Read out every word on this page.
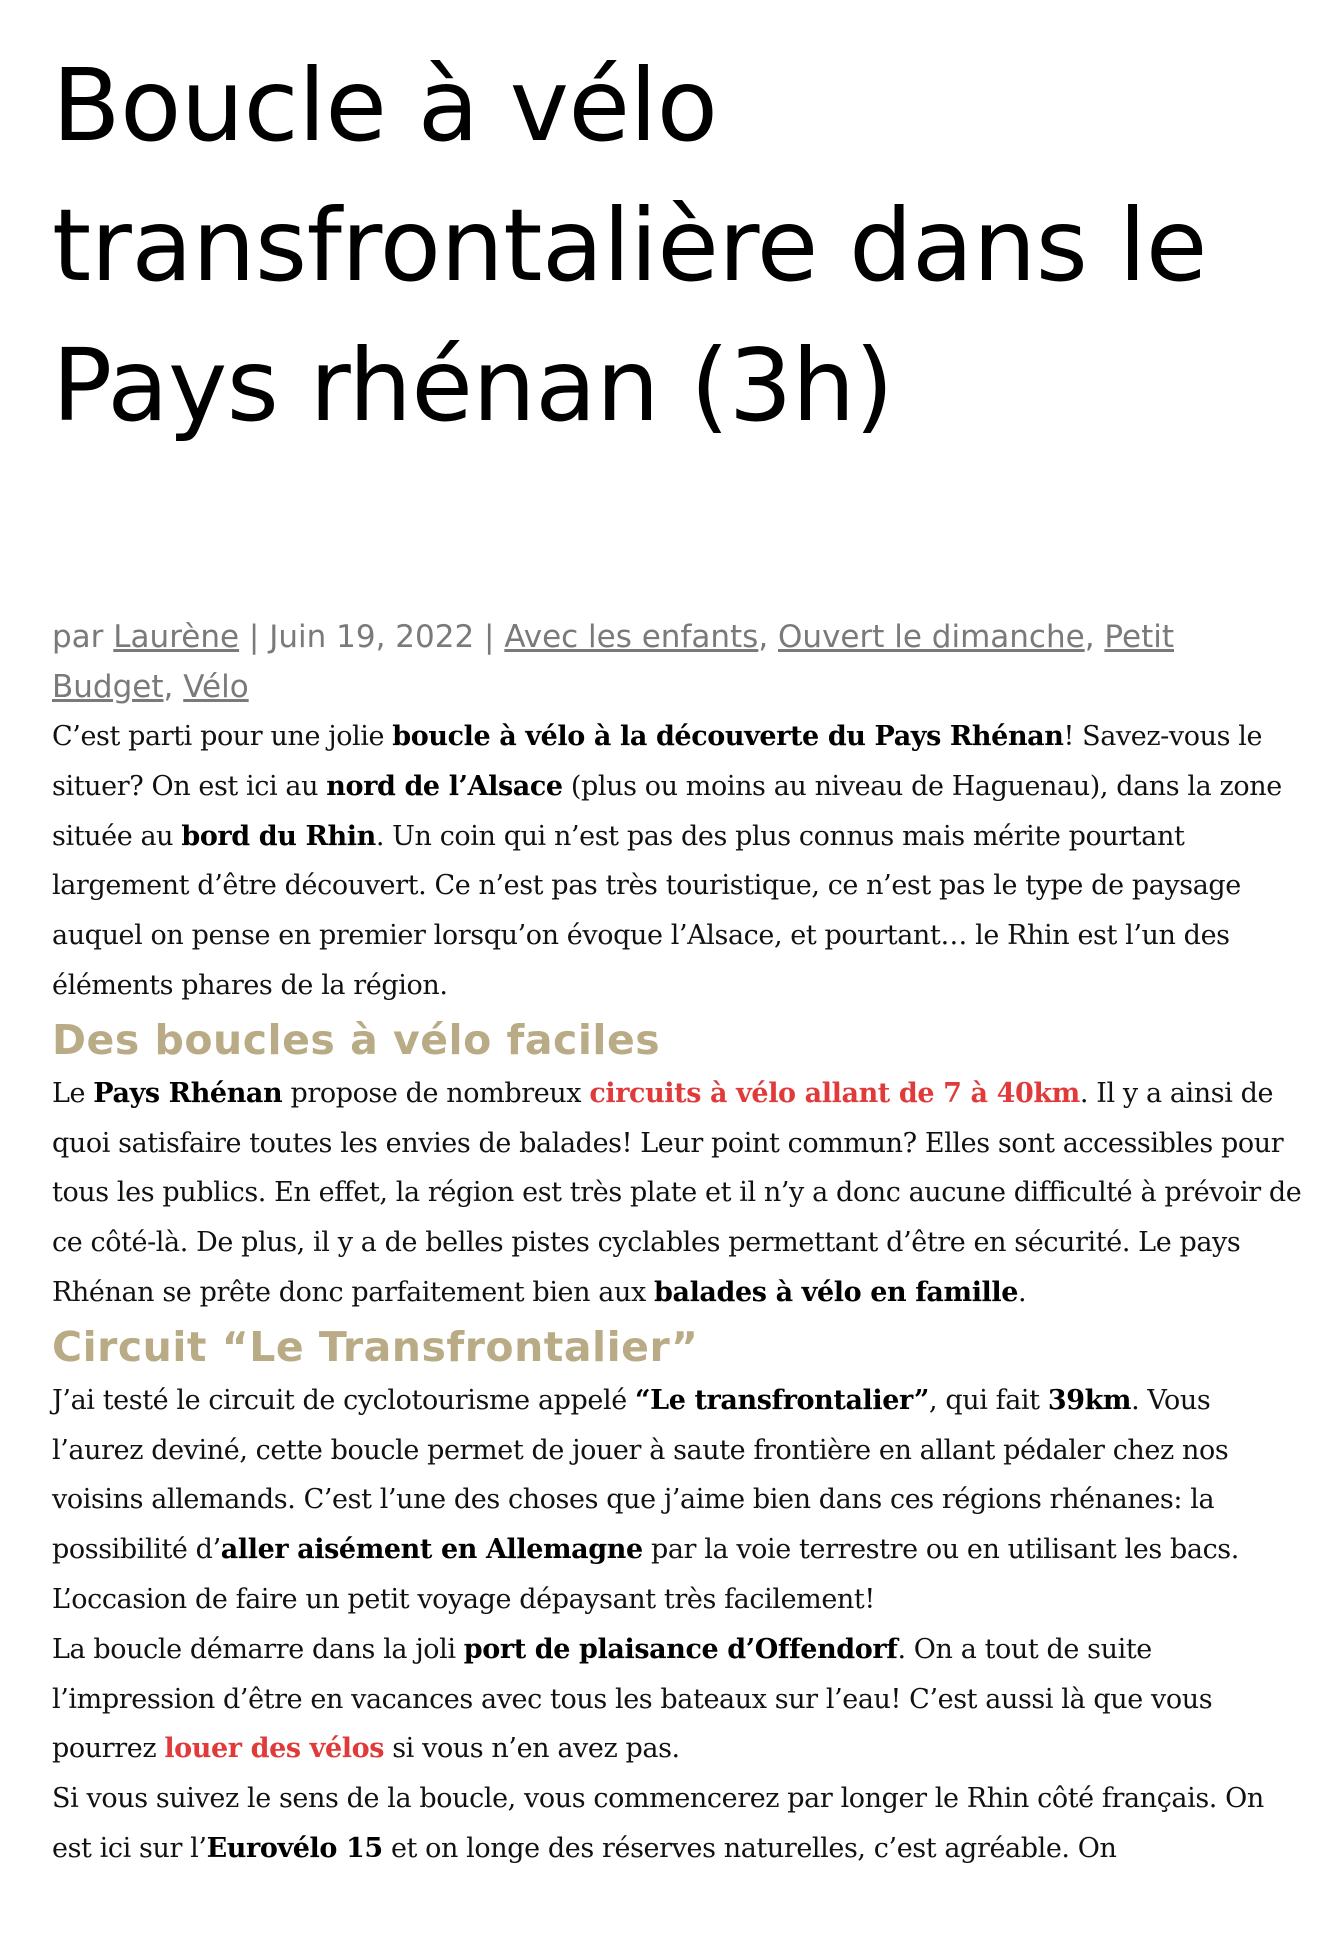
Boucle à vélo transfrontalière dans le Pays rhénan (3h)
par Laurène | Juin 19, 2022 | Avec les enfants, Ouvert le dimanche, Petit Budget, Vélo

C’est parti pour une jolie boucle à vélo à la découverte du Pays Rhénan! Savez-vous le situer? On est ici au nord de l’Alsace (plus ou moins au niveau de Haguenau), dans la zone située au bord du Rhin. Un coin qui n’est pas des plus connus mais mérite pourtant largement d’être découvert. Ce n’est pas très touristique, ce n’est pas le type de paysage auquel on pense en premier lorsqu’on évoque l’Alsace, et pourtant… le Rhin est l’un des éléments phares de la région.

Des boucles à vélo faciles

Le Pays Rhénan propose de nombreux circuits à vélo allant de 7 à 40km. Il y a ainsi de quoi satisfaire toutes les envies de balades! Leur point commun? Elles sont accessibles pour tous les publics. En effet, la région est très plate et il n’y a donc aucune difficulté à prévoir de ce côté-là. De plus, il y a de belles pistes cyclables permettant d’être en sécurité. Le pays Rhénan se prête donc parfaitement bien aux balades à vélo en famille.

Circuit “Le Transfrontalier”

J’ai testé le circuit de cyclotourisme appelé “Le transfrontalier”, qui fait 39km. Vous l’aurez deviné, cette boucle permet de jouer à saute frontière en allant pédaler chez nos voisins allemands. C’est l’une des choses que j’aime bien dans ces régions rhénanes: la possibilité d’aller aisément en Allemagne par la voie terrestre ou en utilisant les bacs. L’occasion de faire un petit voyage dépaysant très facilement!

La boucle démarre dans la joli port de plaisance d’Offendorf. On a tout de suite l’impression d’être en vacances avec tous les bateaux sur l’eau! C’est aussi là que vous pourrez louer des vélos si vous n’en avez pas.

Si vous suivez le sens de la boucle, vous commencerez par longer le Rhin côté français. On est ici sur l’Eurovélo 15 et on longe des réserves naturelles, c’est agréable. On
